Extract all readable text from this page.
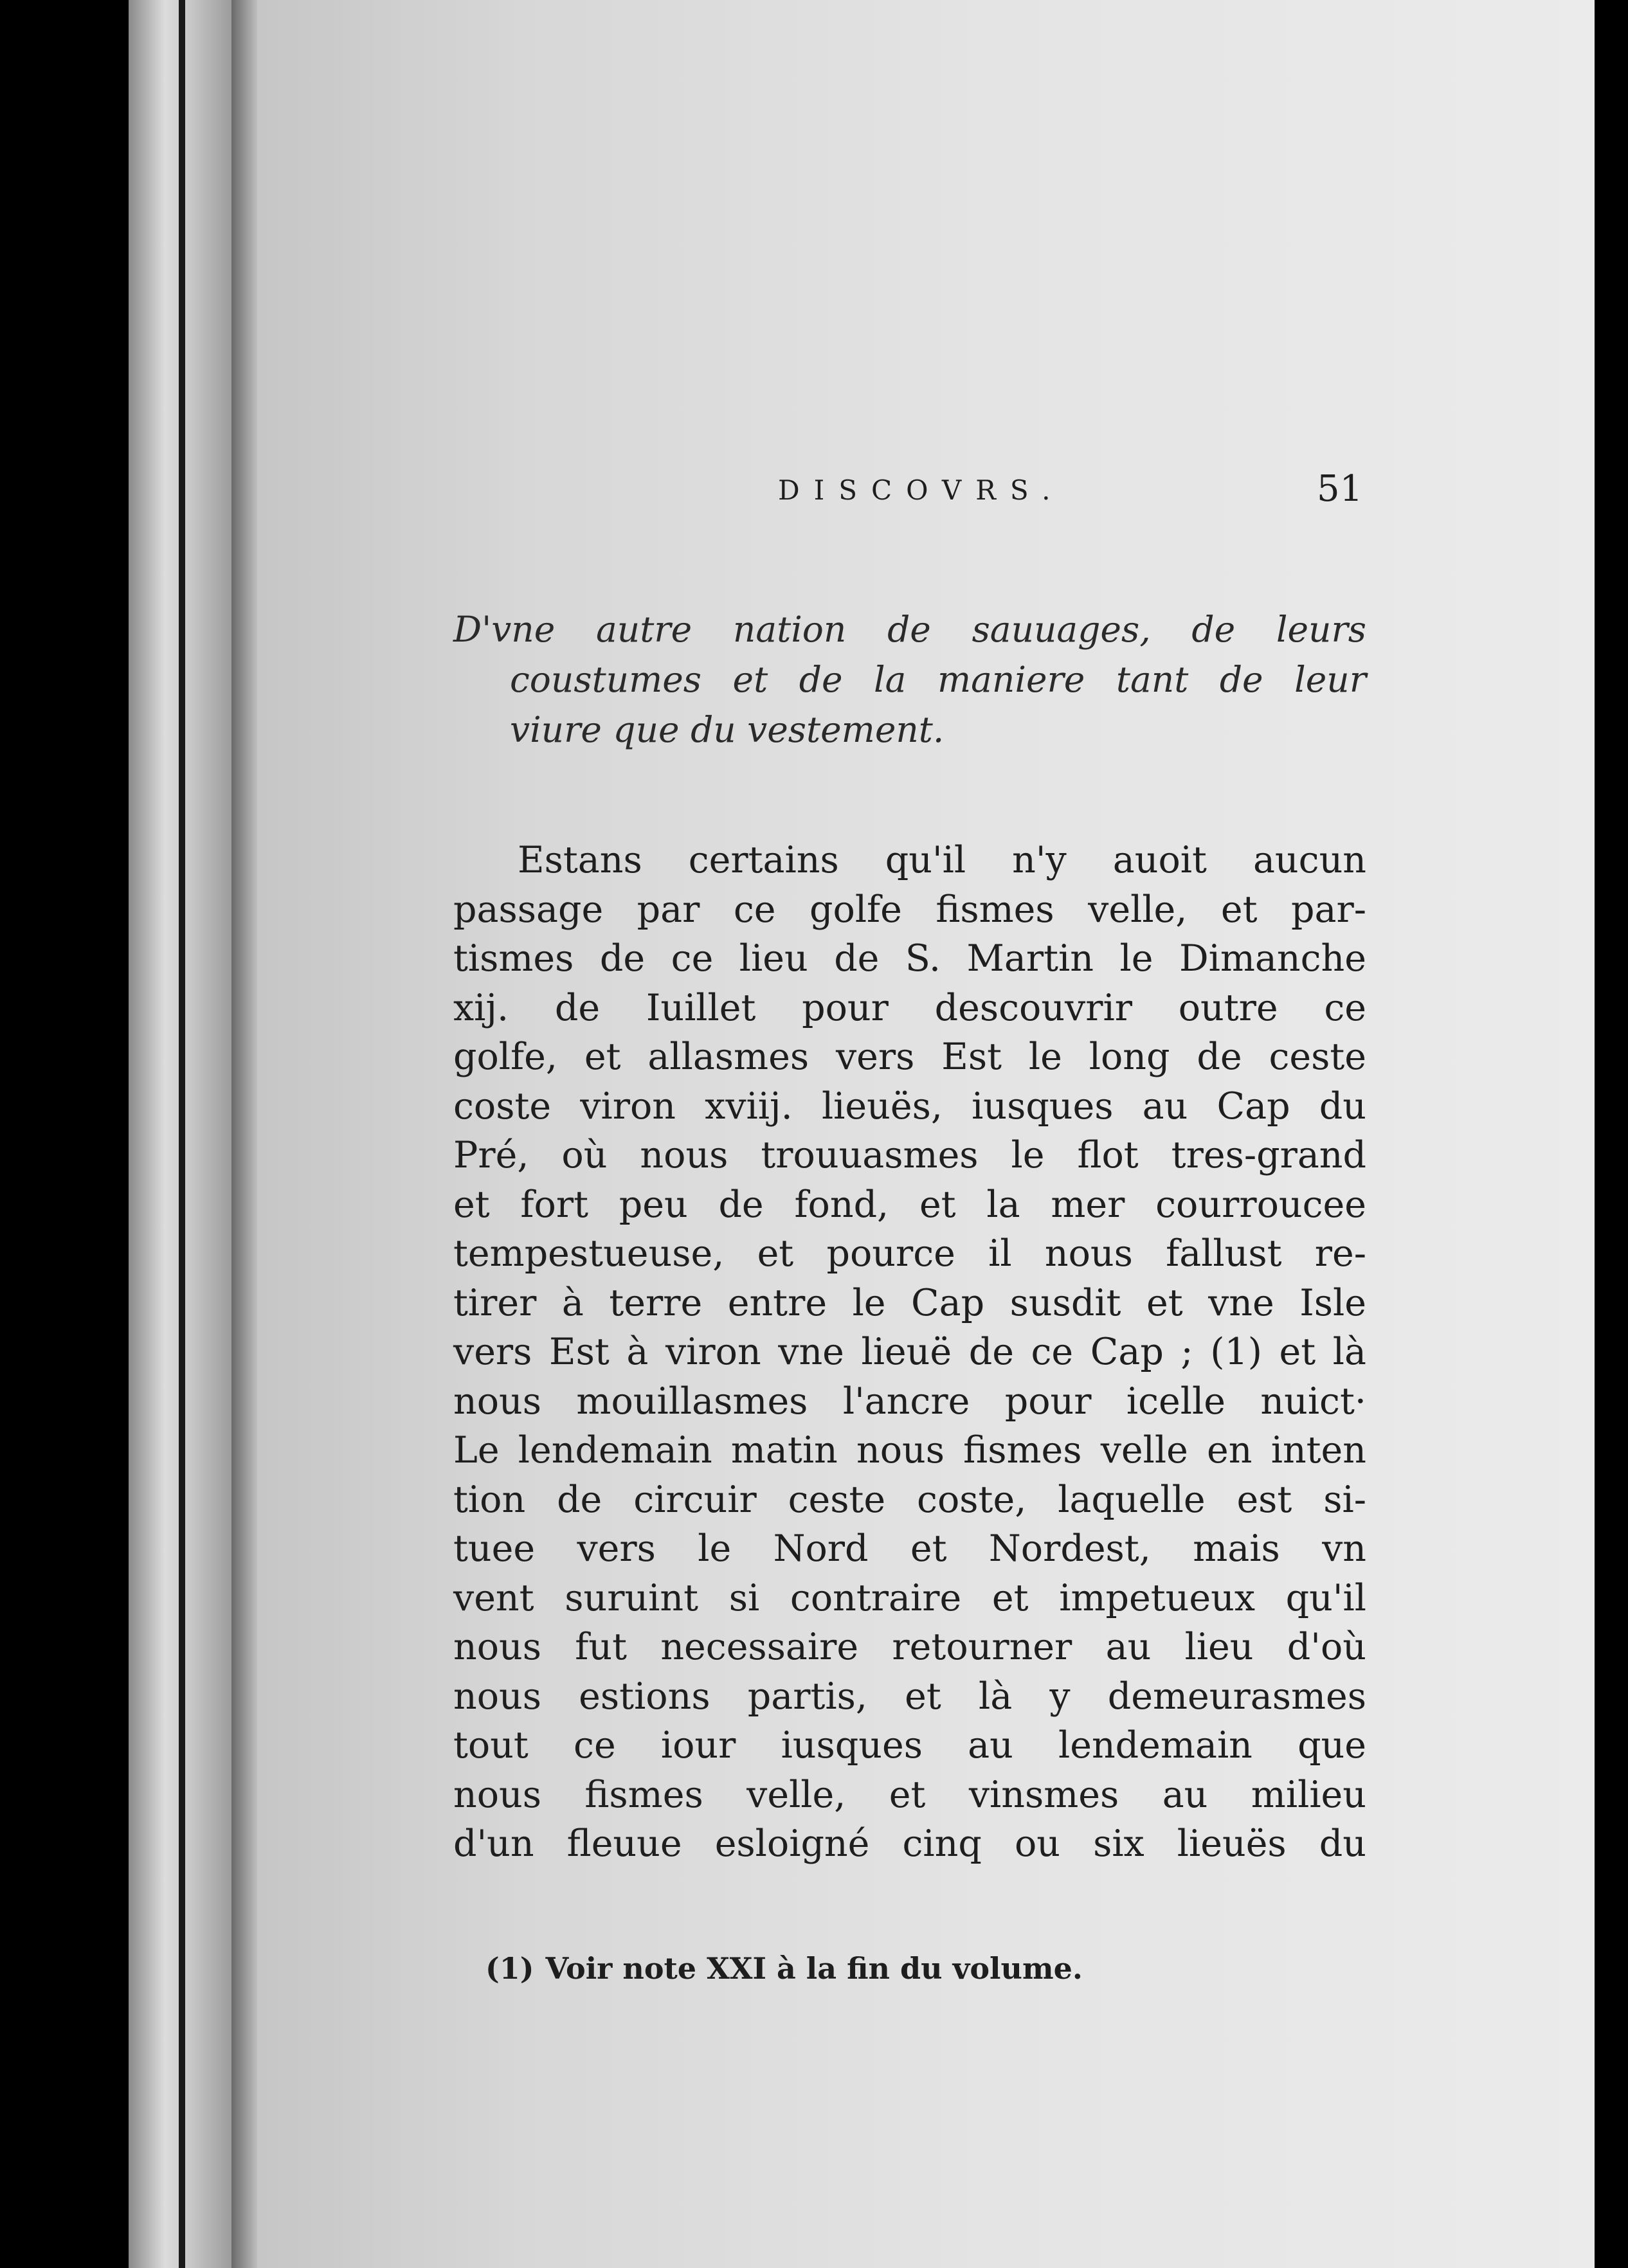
DISCOVRS.	51
D'vne autre nation de sauuages, de leurs
coustumes et de la maniere tant de leur
viure que du vestement.
Estans certains qu'il n'y auoit aucun
passage par ce golfe fismes velle, et par-
tismes de ce lieu de S. Martin le Dimanche
xij. de Iuillet pour descouvrir outre ce
golfe, et allasmes vers Est le long de ceste
coste viron xviij. lieuës, iusques au Cap du
Pré, où nous trouuasmes le flot tres-grand
et fort peu de fond, et la mer courroucee
tempestueuse, et pource il nous fallust re-
tirer à terre entre le Cap susdit et vne Isle
vers Est à viron vne lieuë de ce Cap ; (1) et là
nous mouillasmes l'ancre pour icelle nuict·
Le lendemain matin nous fismes velle en inten
tion de circuir ceste coste, laquelle est si-
tuee vers le Nord et Nordest, mais vn
vent suruint si contraire et impetueux qu'il
nous fut necessaire retourner au lieu d'où
nous estions partis, et là y demeurasmes
tout ce iour iusques au lendemain que
nous fismes velle, et vinsmes au milieu
d'un fleuue esloigné cinq ou six lieuës du
(1) Voir note XXI à la fin du volume.
